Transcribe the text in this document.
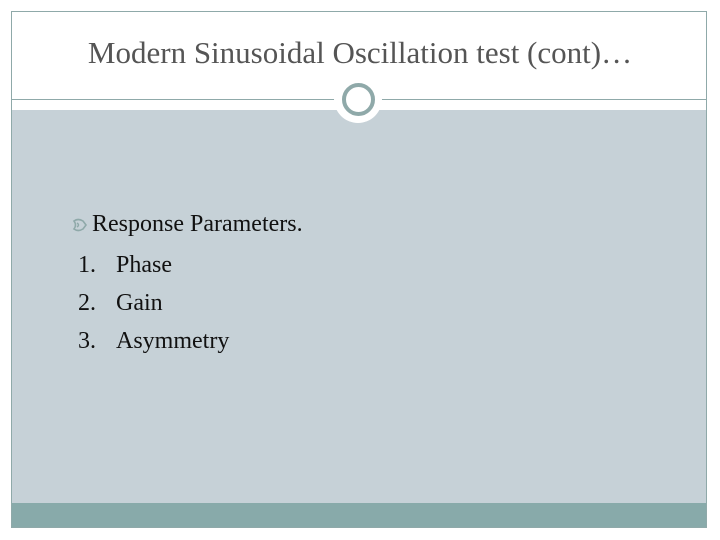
Modern Sinusoidal Oscillation test (cont)…
Response Parameters.
1. Phase
2. Gain
3. Asymmetry
